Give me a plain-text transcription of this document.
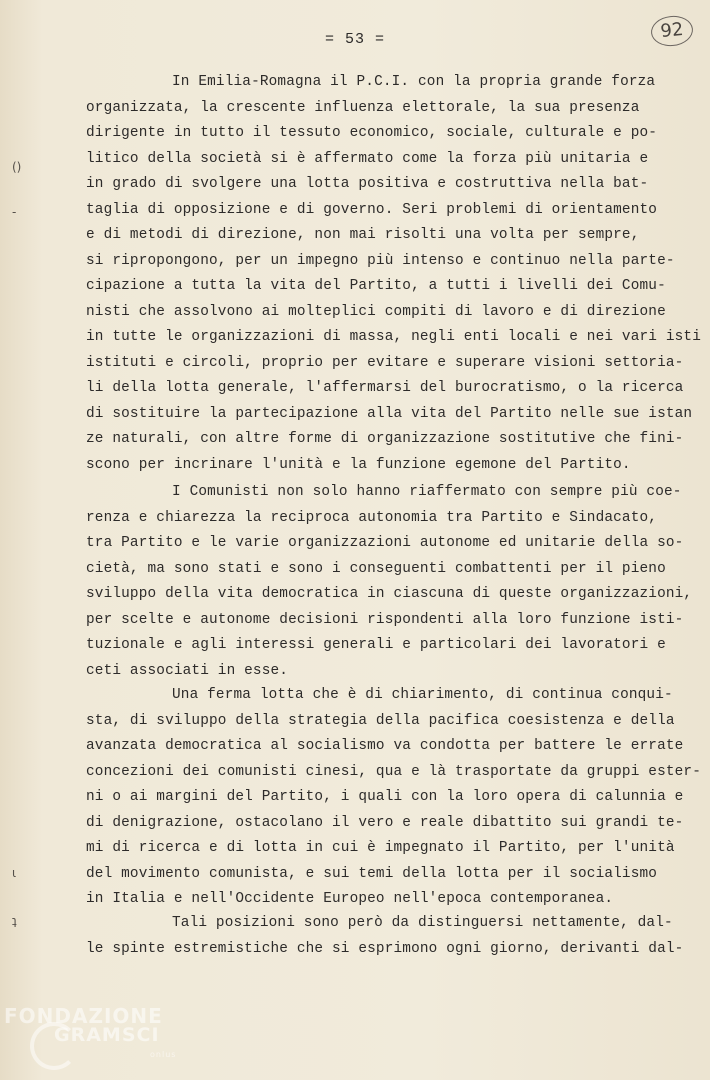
= 53 =	92
()
-
ι
ʇ
In Emilia-Romagna il P.C.I. con la propria grande forza
organizzata, la crescente influenza elettorale, la sua presenza
dirigente in tutto il tessuto economico, sociale, culturale e po-
litico della società si è affermato come la forza più unitaria e
in grado di svolgere una lotta positiva e costruttiva nella bat-
taglia di opposizione e di governo. Seri problemi di orientamento
e di metodi di direzione, non mai risolti una volta per sempre,
si ripropongono, per un impegno più intenso e continuo nella parte-
cipazione a tutta la vita del Partito, a tutti i livelli dei Comu-
nisti che assolvono ai molteplici compiti di lavoro e di direzione
in tutte le organizzazioni di massa, negli enti locali e nei vari isti
istituti e circoli, proprio per evitare e superare visioni settoria-
li della lotta generale, l'affermarsi del burocratismo, o la ricerca
di sostituire la partecipazione alla vita del Partito nelle sue istan
ze naturali, con altre forme di organizzazione sostitutive che fini-
scono per incrinare l'unità e la funzione egemone del Partito.
I Comunisti non solo hanno riaffermato con sempre più coe-
renza e chiarezza la reciproca autonomia tra Partito e Sindacato,
tra Partito e le varie organizzazioni autonome ed unitarie della so-
cietà, ma sono stati e sono i conseguenti combattenti per il pieno
sviluppo della vita democratica in ciascuna di queste organizzazioni,
per scelte e autonome decisioni rispondenti alla loro funzione isti-
tuzionale e agli interessi generali e particolari dei lavoratori e
ceti associati in esse.
Una ferma lotta che è di chiarimento, di continua conqui-
sta, di sviluppo della strategia della pacifica coesistenza e della
avanzata democratica al socialismo va condotta per battere le errate
concezioni dei comunisti cinesi, qua e là trasportate da gruppi ester-
ni o ai margini del Partito, i quali con la loro opera di calunnia e
di denigrazione, ostacolano il vero e reale dibattito sui grandi te-
mi di ricerca e di lotta in cui è impegnato il Partito, per l'unità
del movimento comunista, e sui temi della lotta per il socialismo
in Italia e nell'Occidente Europeo nell'epoca contemporanea.
Tali posizioni sono però da distinguersi nettamente, dal-
le spinte estremistiche che si esprimono ogni giorno, derivanti dal-
FONDAZIONE
GRAMSCI
onlus
